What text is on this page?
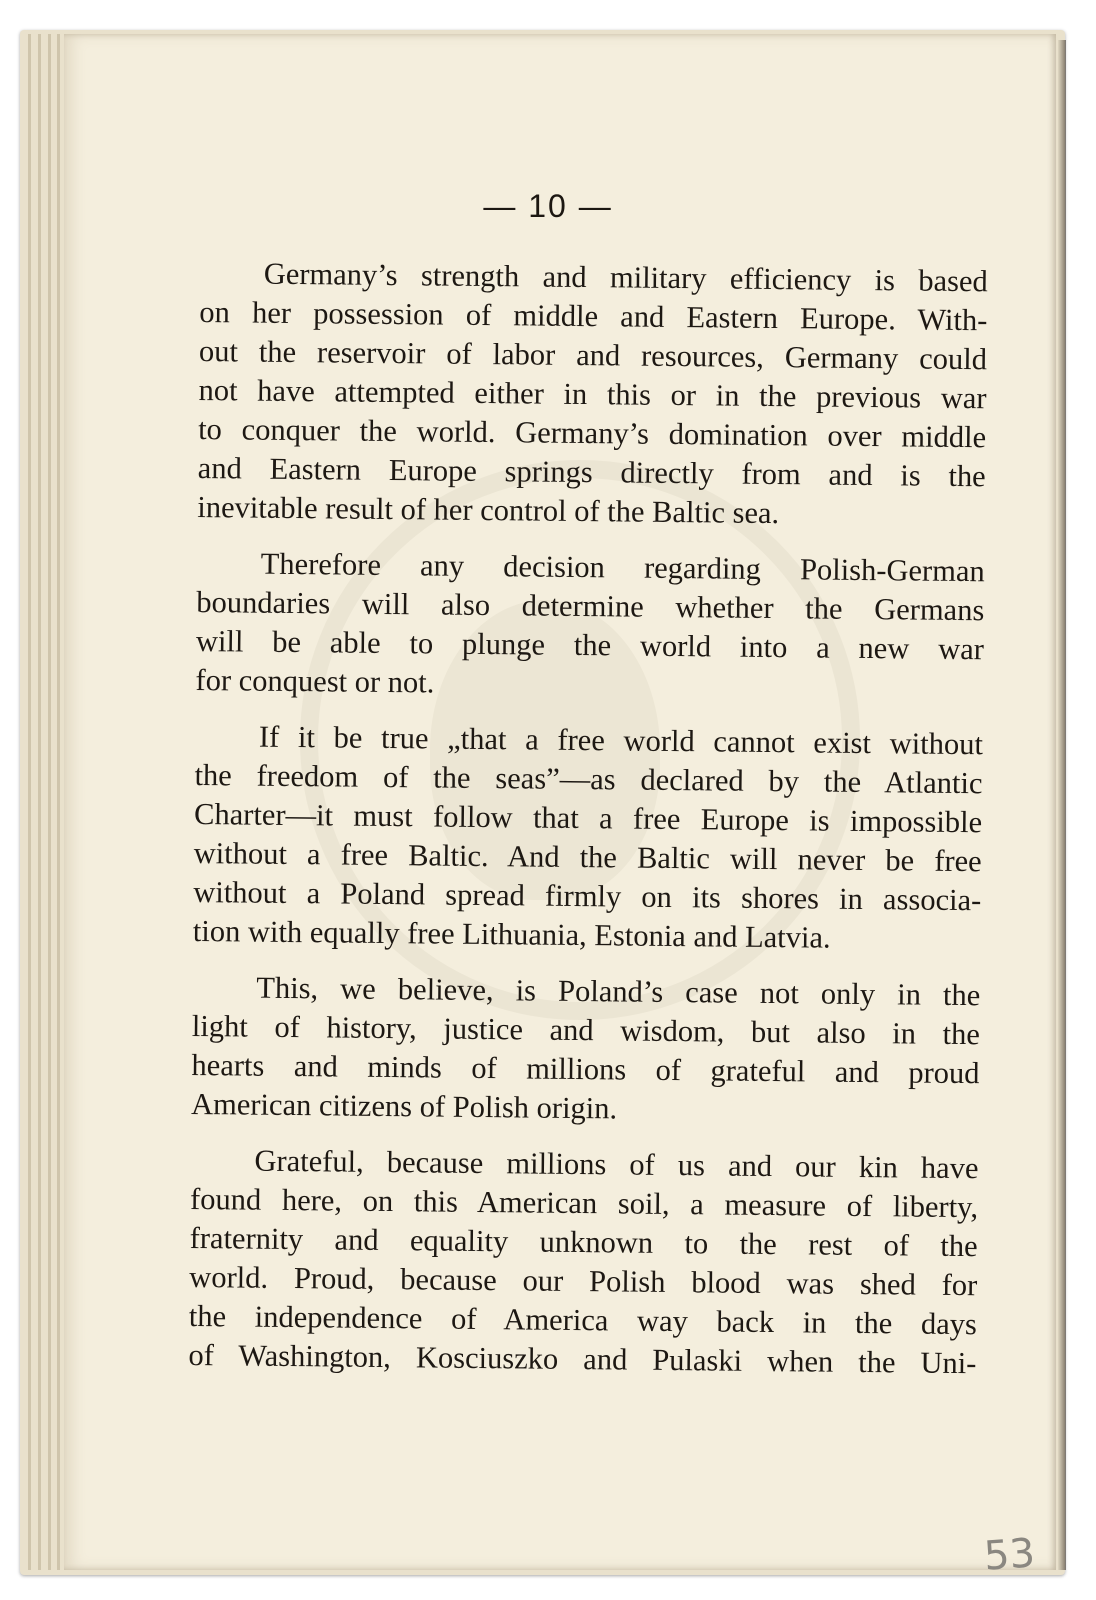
— 10 —
Germany’s strength and military efficiency is based
on her possession of middle and Eastern Europe. With-
out the reservoir of labor and resources, Germany could
not have attempted either in this or in the previous war
to conquer the world. Germany’s domination over middle
and Eastern Europe springs directly from and is the
inevitable result of her control of the Baltic sea.
Therefore any decision regarding Polish-German
boundaries will also determine whether the Germans
will be able to plunge the world into a new war
for conquest or not.
If it be true „that a free world cannot exist without
the freedom of the seas”—as declared by the Atlantic
Charter—it must follow that a free Europe is impossible
without a free Baltic. And the Baltic will never be free
without a Poland spread firmly on its shores in associa-
tion with equally free Lithuania, Estonia and Latvia.
This, we believe, is Poland’s case not only in the
light of history, justice and wisdom, but also in the
hearts and minds of millions of grateful and proud
American citizens of Polish origin.
Grateful, because millions of us and our kin have
found here, on this American soil, a measure of liberty,
fraternity and equality unknown to the rest of the
world. Proud, because our Polish blood was shed for
the independence of America way back in the days
of Washington, Kosciuszko and Pulaski when the Uni-
53
